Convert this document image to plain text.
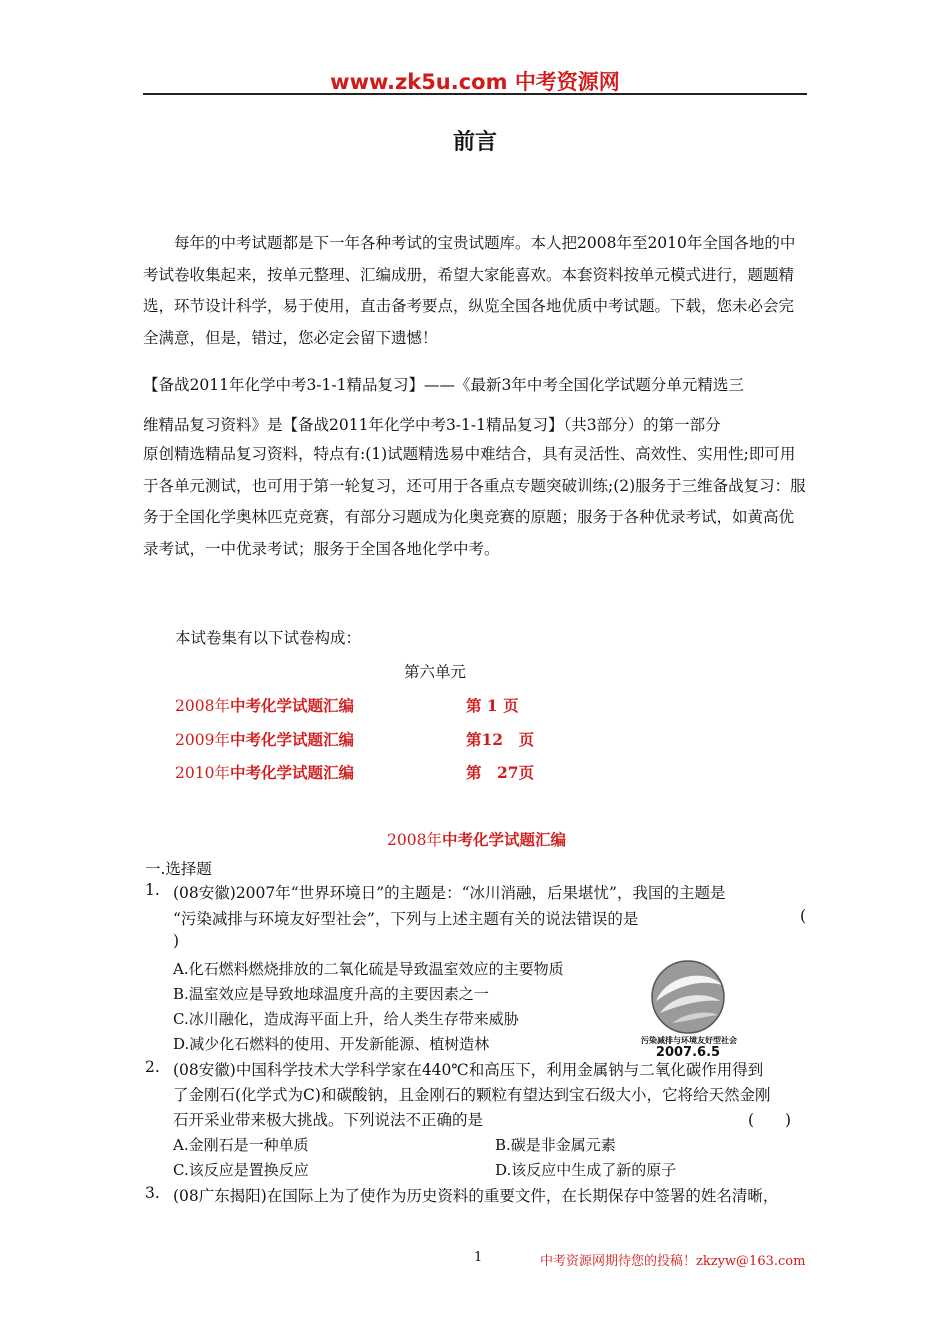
www.zk5u.com 中考资源网
前言

每年的中考试题都是下一年各种考试的宝贵试题库。本人把2008年至2010年全国各地的中考试卷收集起来，按单元整理、汇编成册，希望大家能喜欢。本套资料按单元模式进行，题题精选，环节设计科学，易于使用，直击备考要点，纵览全国各地优质中考试题。下载，您未必会完全满意，但是，错过，您必定会留下遗憾！

【备战2011年化学中考3-1-1精品复习】——《最新3年中考全国化学试题分单元精选三
维精品复习资料》是【备战2011年化学中考3-1-1精品复习】（共3部分）的第一部分

原创精选精品复习资料，特点有:(1)试题精选易中难结合，具有灵活性、高效性、实用性;即可用于各单元测试，也可用于第一轮复习，还可用于各重点专题突破训练;(2)服务于三维备战复习：服务于全国化学奥林匹克竞赛，有部分习题成为化奥竞赛的原题；服务于各种优录考试，如黄高优录考试，一中优录考试；服务于全国各地化学中考。

本试卷集有以下试卷构成：
第六单元
2008年中考化学试题汇编	第 1 页
2009年中考化学试题汇编	第12　页
2010年中考化学试题汇编	第　27页
2008年中考化学试题汇编
一.选择题
1. (08安徽)2007年“世界环境日”的主题是：“冰川消融，后果堪忧”，我国的主题是
“污染减排与环境友好型社会”，下列与上述主题有关的说法错误的是	(
)
A.化石燃料燃烧排放的二氧化硫是导致温室效应的主要物质
B.温室效应是导致地球温度升高的主要因素之一
C.冰川融化，造成海平面上升，给人类生存带来威胁
D.减少化石燃料的使用、开发新能源、植树造林	污染减排与环境友好型社会
2007.6.5
2. (08安徽)中国科学技术大学科学家在440℃和高压下，利用金属钠与二氧化碳作用得到
了金刚石(化学式为C)和碳酸钠，且金刚石的颗粒有望达到宝石级大小，它将给天然金刚
石开采业带来极大挑战。下列说法不正确的是	(　　)
A.金刚石是一种单质	B.碳是非金属元素
C.该反应是置换反应	D.该反应中生成了新的原子
3. (08广东揭阳)在国际上为了使作为历史资料的重要文件，在长期保存中签署的姓名清晰，
1	中考资源网期待您的投稿！zkzyw@163.com
